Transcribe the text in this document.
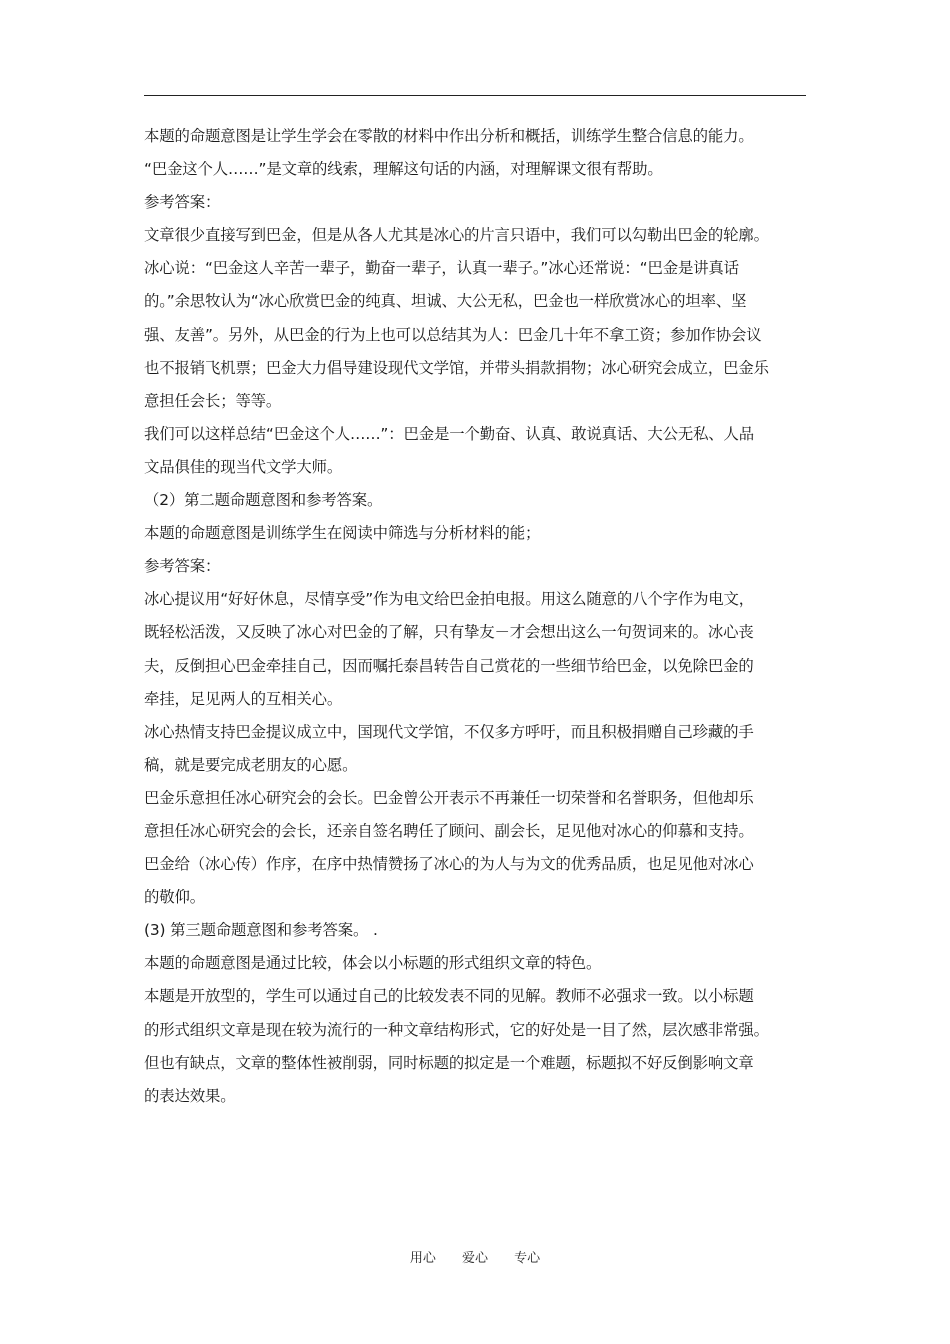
本题的命题意图是让学生学会在零散的材料中作出分析和概括，训练学生整合信息的能力。
“巴金这个人……”是文章的线索，理解这句话的内涵，对理解课文很有帮助。
参考答案：
文章很少直接写到巴金，但是从各人尤其是冰心的片言只语中，我们可以勾勒出巴金的轮廓。
冰心说：“巴金这人辛苦一辈子，勤奋一辈子，认真一辈子。”冰心还常说：“巴金是讲真话
的。”余思牧认为“冰心欣赏巴金的纯真、坦诚、大公无私，巴金也一样欣赏冰心的坦率、坚
强、友善”。另外，从巴金的行为上也可以总结其为人：巴金几十年不拿工资；参加作协会议
也不报销飞机票；巴金大力倡导建设现代文学馆，并带头捐款捐物；冰心研究会成立，巴金乐
意担任会长；等等。
我们可以这样总结“巴金这个人……”：巴金是一个勤奋、认真、敢说真话、大公无私、人品
文品俱佳的现当代文学大师。
（2）第二题命题意图和参考答案。
本题的命题意图是训练学生在阅读中筛选与分析材料的能；
参考答案：
冰心提议用“好好休息，尽情享受”作为电文给巴金拍电报。用这么随意的八个字作为电文，
既轻松活泼，又反映了冰心对巴金的了解，只有挚友－才会想出这么一句贺词来的。冰心丧
夫，反倒担心巴金牵挂自己，因而嘱托泰昌转告自己赏花的一些细节给巴金，以免除巴金的
牵挂，足见两人的互相关心。
冰心热情支持巴金提议成立中，国现代文学馆，不仅多方呼吁，而且积极捐赠自己珍藏的手
稿，就是要完成老朋友的心愿。
巴金乐意担任冰心研究会的会长。巴金曾公开表示不再兼任一切荣誉和名誉职务，但他却乐
意担任冰心研究会的会长，还亲自签名聘任了顾问、副会长，足见他对冰心的仰慕和支持。
巴金给（冰心传）作序，在序中热情赞扬了冰心的为人与为文的优秀品质，也足见他对冰心
的敬仰。
(3) 第三题命题意图和参考答案。 .
本题的命题意图是通过比较，体会以小标题的形式组织文章的特色。
本题是开放型的，学生可以通过自己的比较发表不同的见解。教师不必强求一致。以小标题
的形式组织文章是现在较为流行的一种文章结构形式，它的好处是一目了然，层次感非常强。
但也有缺点，文章的整体性被削弱，同时标题的拟定是一个难题，标题拟不好反倒影响文章
的表达效果。
用心 爱心 专心
